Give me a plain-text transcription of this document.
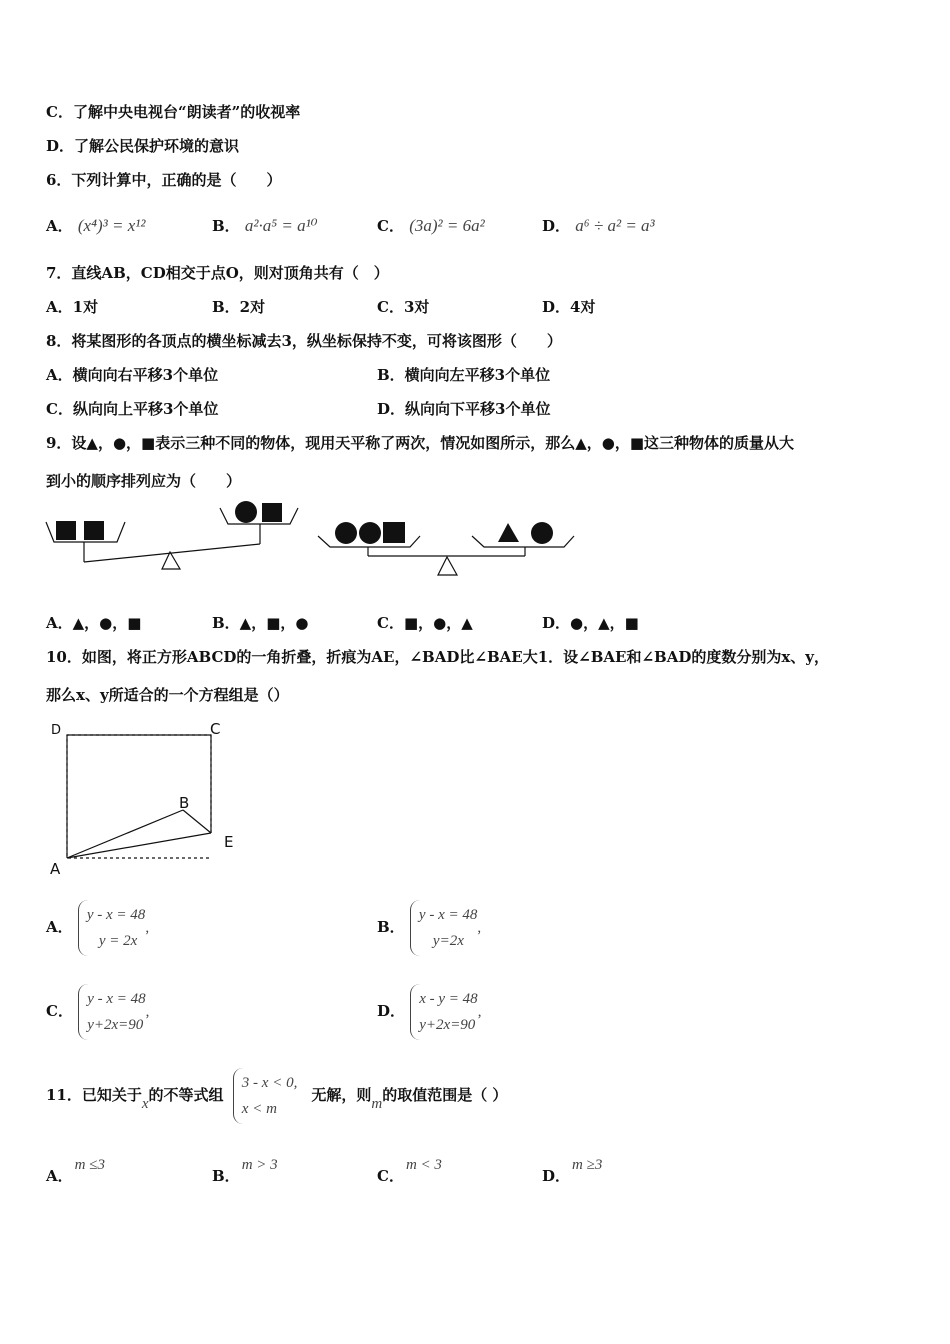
C．了解中央电视台“朗读者”的收视率
D．了解公民保护环境的意识
6．下列计算中，正确的是（　　）
A． (x⁴)³ = x¹²	B． a²·a⁵ = a¹⁰	C． (3a)² = 6a²	D． a⁶ ÷ a² = a³
7．直线AB，CD相交于点O，则对顶角共有（　）
A．1对	B．2对	C．3对	D．4对
8．将某图形的各顶点的横坐标减去3，纵坐标保持不变，可将该图形（　　）
A．横向向右平移3个单位	B．横向向左平移3个单位
C．纵向向上平移3个单位	D．纵向向下平移3个单位
9．设▲，●，■表示三种不同的物体，现用天平称了两次，情况如图所示，那么▲，●，■这三种物体的质量从大
到小的顺序排列应为（　　）
A．▲，●，■	B．▲，■，●	C．■，●，▲	D．●，▲，■
10．如图，将正方形ABCD的一角折叠，折痕为AE，∠BAD比∠BAE大1．设∠BAE和∠BAD的度数分别为x、y，
那么x、y所适合的一个方程组是（）
D	C
B
E
A
A．
y - x = 48
y = 2x
,	B．
y - x = 48
y=2x
,
C．
y - x = 48
y+2x=90
,	D．
x - y = 48
y+2x=90
,
11．已知关于x的不等式组
3 - x < 0,
x < m
无解，则m的取值范围是（ ）
A．m ≤3
B．m > 3
C．m < 3
D．m ≥3
